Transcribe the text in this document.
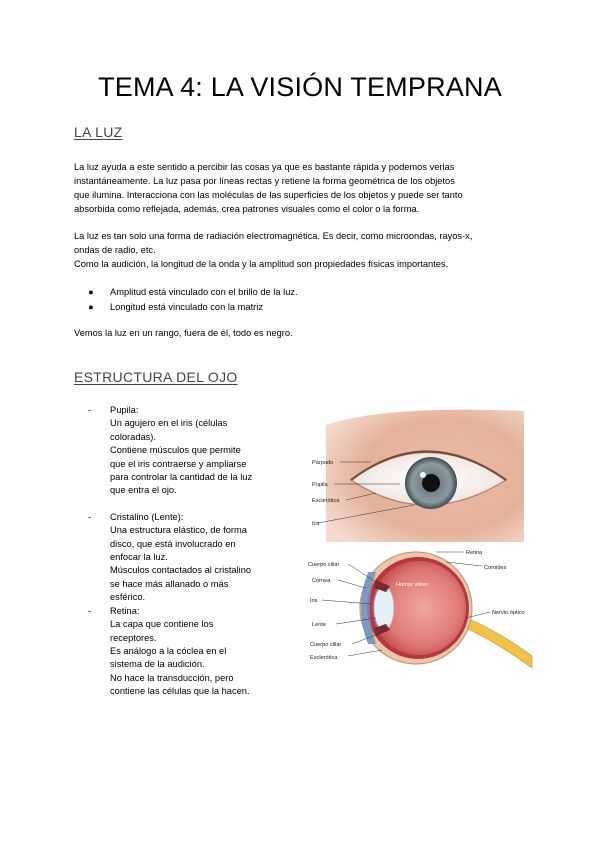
TEMA 4: LA VISIÓN TEMPRANA
LA LUZ
La luz ayuda a este sentido a percibir las cosas ya que es bastante rápida y podemos verlas
instantáneamente. La luz pasa por líneas rectas y retiene la forma geométrica de los objetos
que ilumina. Interacciona con las moléculas de las superficies de los objetos y puede ser tanto
absorbida como reflejada, además, crea patrones visuales como el color o la forma.
La luz es tan solo una forma de radiación electromagnética. Es decir, como microondas, rayos-x,
ondas de radio, etc.
Como la audición, la longitud de la onda y la amplitud son propiedades físicas importantes.
●	Amplitud está vinculado con el brillo de la luz.
●	Longitud está vinculado con la matriz
Vemos la luz en un rango, fuera de él, todo es negro.
ESTRUCTURA DEL OJO
-	Pupila:
Un agujero en el iris (células
coloradas).
Contiene músculos que permite
que el iris contraerse y ampliarse
para controlar la cantidad de la luz
que entra el ojo.
-	Cristalino (Lente):
Una estructura elástico, de forma
disco, que está involucrado en
enfocar la luz.
Músculos contactados al cristalino
se hace más allanado o más
esférico.
-	Retina:
La capa que contiene los
receptores.
Es análogo a la cóclea en el
sistema de la audición.
No hace la transducción, pero
contiene las células que la hacen.
Párpado
Pupila
Esclerótica
Iris
Retina
Coroides
Cuerpo ciliar
Córnea
Humor vítreo
Iris
Lente
Nervio óptico
Cuerpo ciliar
Esclerótica
